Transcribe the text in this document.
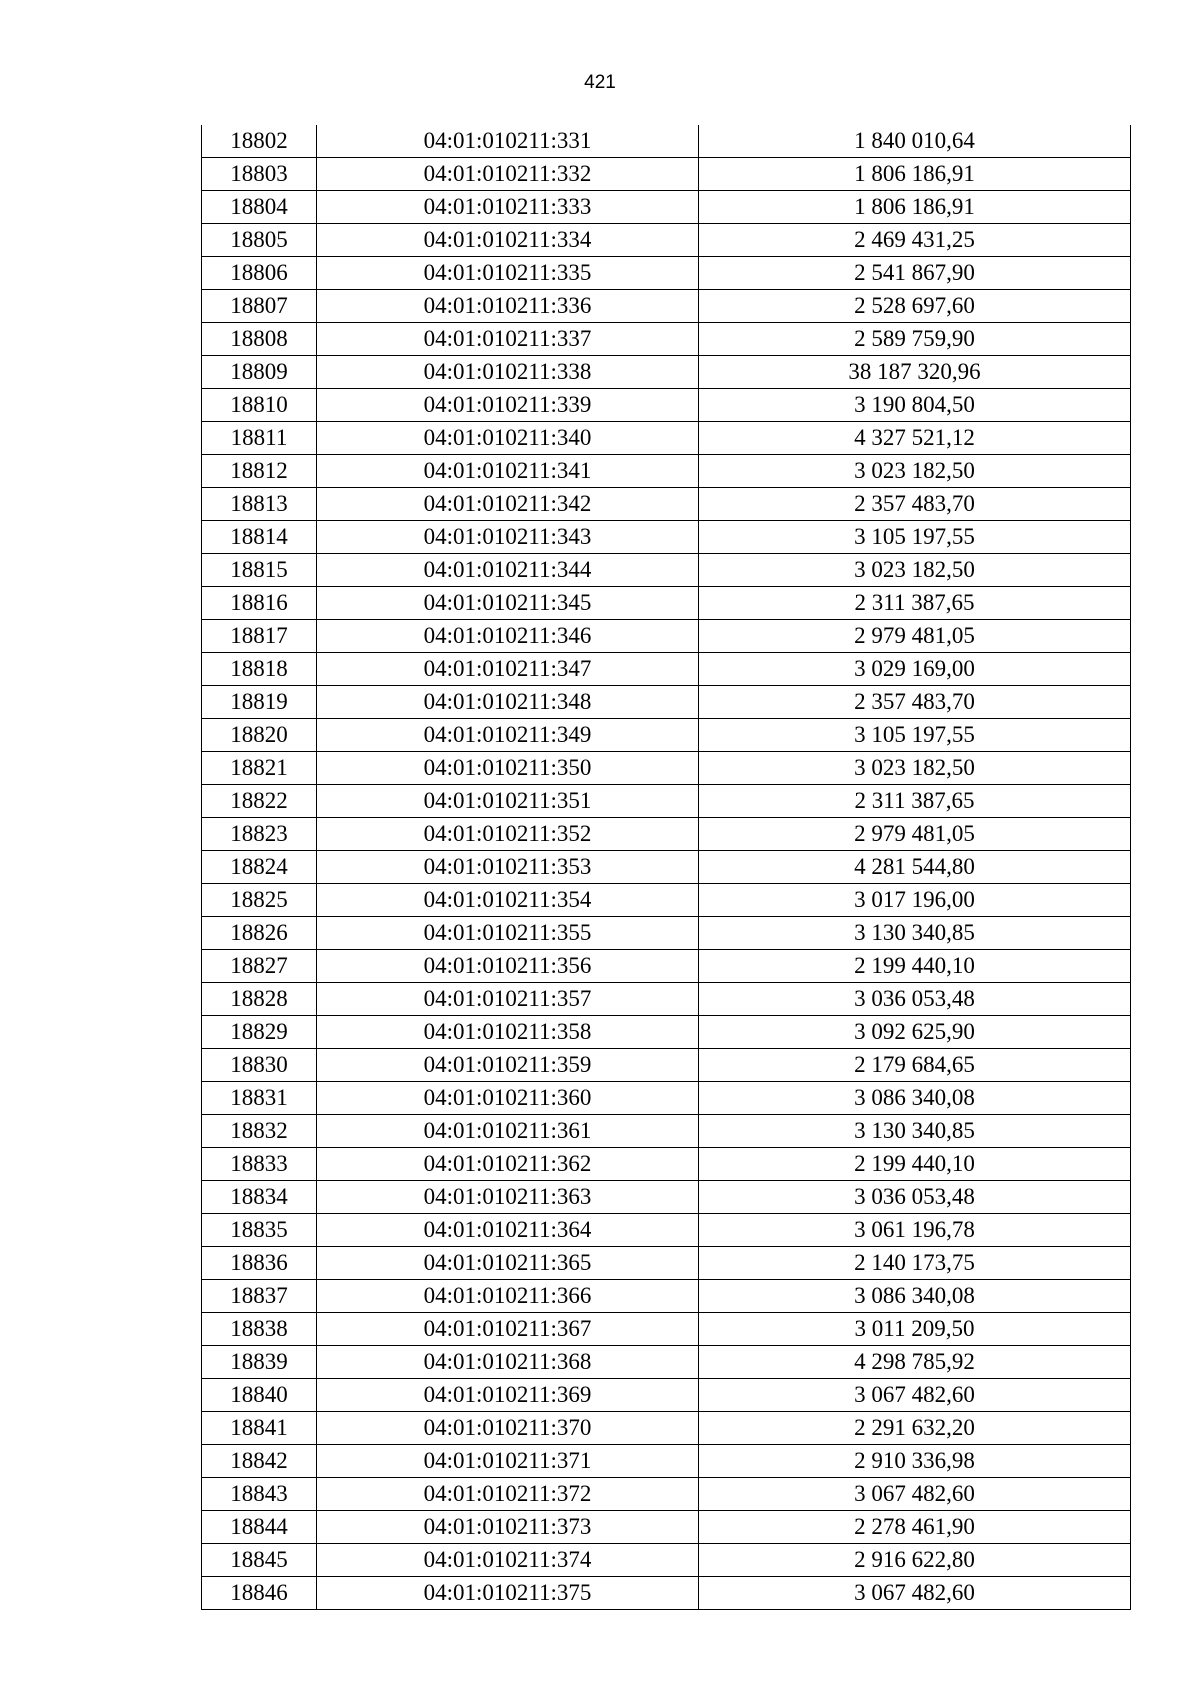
421
18802	04:01:010211:331	1 840 010,64
18803	04:01:010211:332	1 806 186,91
18804	04:01:010211:333	1 806 186,91
18805	04:01:010211:334	2 469 431,25
18806	04:01:010211:335	2 541 867,90
18807	04:01:010211:336	2 528 697,60
18808	04:01:010211:337	2 589 759,90
18809	04:01:010211:338	38 187 320,96
18810	04:01:010211:339	3 190 804,50
18811	04:01:010211:340	4 327 521,12
18812	04:01:010211:341	3 023 182,50
18813	04:01:010211:342	2 357 483,70
18814	04:01:010211:343	3 105 197,55
18815	04:01:010211:344	3 023 182,50
18816	04:01:010211:345	2 311 387,65
18817	04:01:010211:346	2 979 481,05
18818	04:01:010211:347	3 029 169,00
18819	04:01:010211:348	2 357 483,70
18820	04:01:010211:349	3 105 197,55
18821	04:01:010211:350	3 023 182,50
18822	04:01:010211:351	2 311 387,65
18823	04:01:010211:352	2 979 481,05
18824	04:01:010211:353	4 281 544,80
18825	04:01:010211:354	3 017 196,00
18826	04:01:010211:355	3 130 340,85
18827	04:01:010211:356	2 199 440,10
18828	04:01:010211:357	3 036 053,48
18829	04:01:010211:358	3 092 625,90
18830	04:01:010211:359	2 179 684,65
18831	04:01:010211:360	3 086 340,08
18832	04:01:010211:361	3 130 340,85
18833	04:01:010211:362	2 199 440,10
18834	04:01:010211:363	3 036 053,48
18835	04:01:010211:364	3 061 196,78
18836	04:01:010211:365	2 140 173,75
18837	04:01:010211:366	3 086 340,08
18838	04:01:010211:367	3 011 209,50
18839	04:01:010211:368	4 298 785,92
18840	04:01:010211:369	3 067 482,60
18841	04:01:010211:370	2 291 632,20
18842	04:01:010211:371	2 910 336,98
18843	04:01:010211:372	3 067 482,60
18844	04:01:010211:373	2 278 461,90
18845	04:01:010211:374	2 916 622,80
18846	04:01:010211:375	3 067 482,60
